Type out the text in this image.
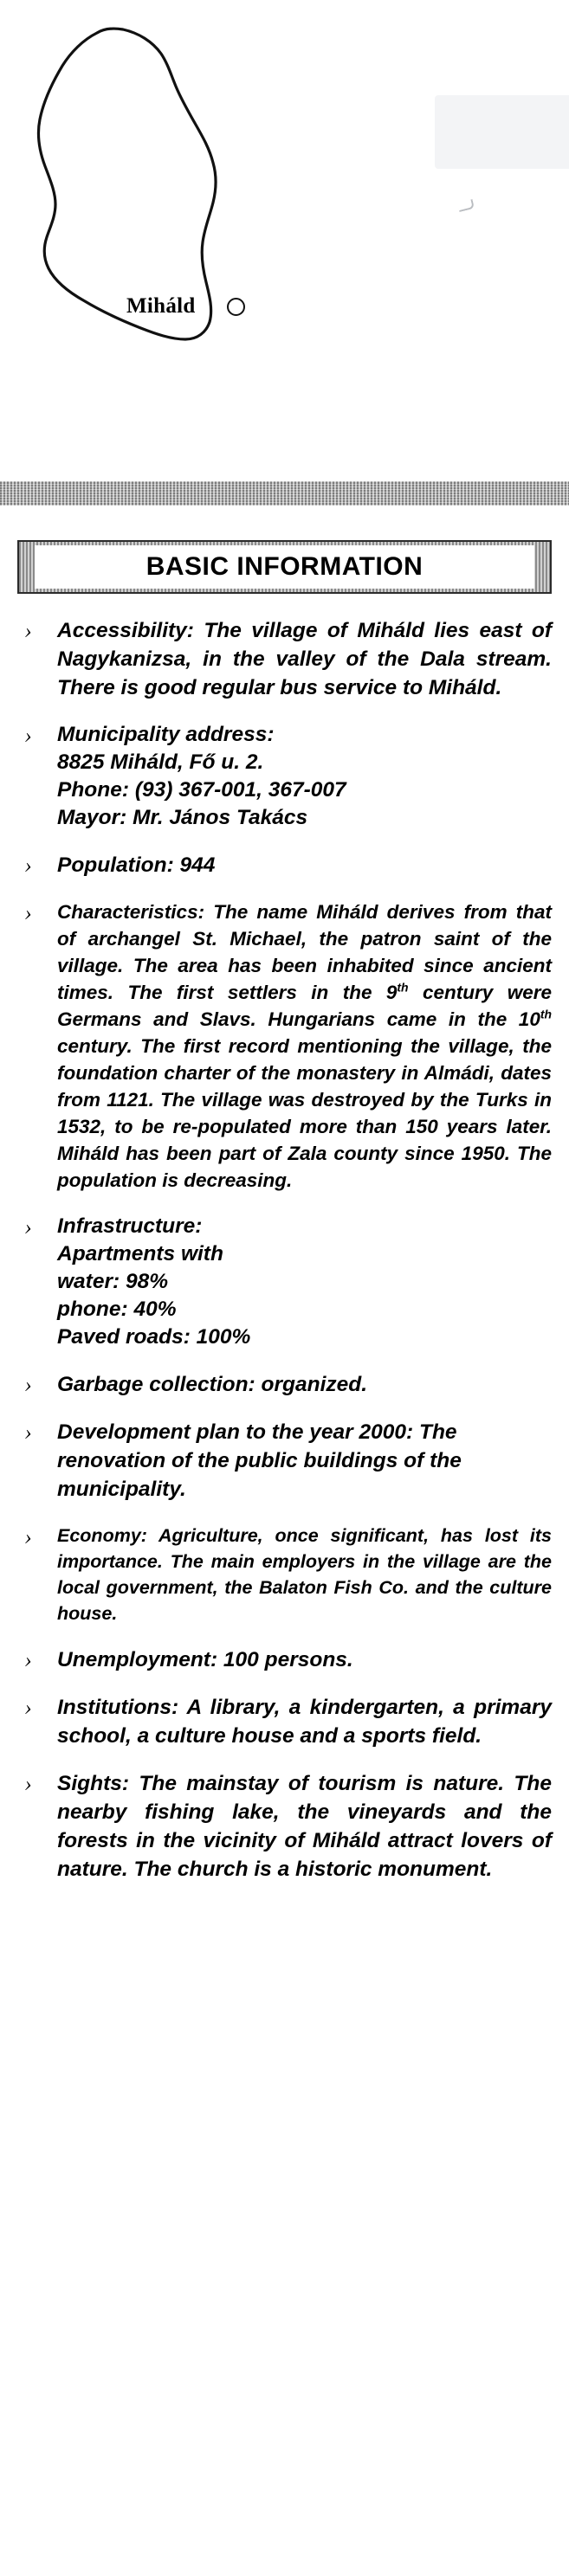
Miháld
BASIC INFORMATION
› Accessibility: The village of Miháld lies east of Nagykanizsa, in the valley of the Dala stream. There is good regular bus service to Miháld.

› Municipality address:

8825 Miháld, Fő u. 2.

Phone: (93) 367-001, 367-007

Mayor: Mr. János Takács

› Population: 944

› Characteristics: The name Miháld derives from that of archangel St. Michael, the patron saint of the village. The area has been inhabited since ancient times. The first settlers in the 9th century were Germans and Slavs. Hungarians came in the 10th century. The first record mentioning the village, the foundation charter of the monastery in Almádi, dates from 1121. The village was destroyed by the Turks in 1532, to be re-populated more than 150 years later. Miháld has been part of Zala county since 1950. The population is decreasing.

› Infrastructure:

Apartments with

water: 98%

phone: 40%

Paved roads: 100%

› Garbage collection: organized.

› Development plan to the year 2000: The renovation of the public buildings of the municipality.

› Economy: Agriculture, once significant, has lost its importance. The main employers in the village are the local government, the Balaton Fish Co. and the culture house.

› Unemployment: 100 persons.

› Institutions: A library, a kindergarten, a primary school, a culture house and a sports field.

› Sights: The mainstay of tourism is nature. The nearby fishing lake, the vineyards and the forests in the vicinity of Miháld attract lovers of nature. The church is a historic monument.
